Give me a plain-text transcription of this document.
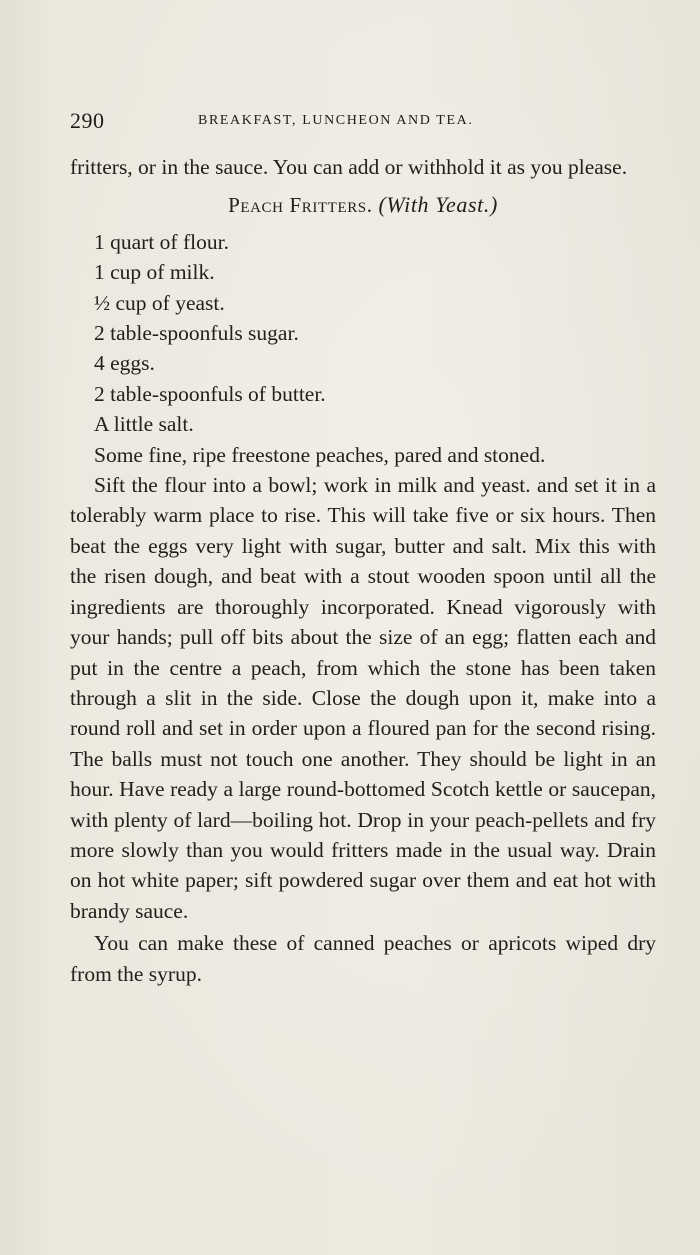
290	BREAKFAST, LUNCHEON AND TEA.

fritters, or in the sauce. You can add or withhold it as you please.

Peach Fritters. (With Yeast.)
1 quart of flour.
1 cup of milk.
½ cup of yeast.
2 table-spoonfuls sugar.
4 eggs.
2 table-spoonfuls of butter.
A little salt.
Some fine, ripe freestone peaches, pared and stoned.

Sift the flour into a bowl; work in milk and yeast. and set it in a tolerably warm place to rise. This will take five or six hours. Then beat the eggs very light with sugar, butter and salt. Mix this with the risen dough, and beat with a stout wooden spoon until all the ingredients are thoroughly incorporated. Knead vigorously with your hands; pull off bits about the size of an egg; flatten each and put in the centre a peach, from which the stone has been taken through a slit in the side. Close the dough upon it, make into a round roll and set in order upon a floured pan for the second rising. The balls must not touch one another. They should be light in an hour. Have ready a large round-bottomed Scotch kettle or saucepan, with plenty of lard—boiling hot. Drop in your peach-pellets and fry more slowly than you would fritters made in the usual way. Drain on hot white paper; sift powdered sugar over them and eat hot with brandy sauce.

You can make these of canned peaches or apricots wiped dry from the syrup.
